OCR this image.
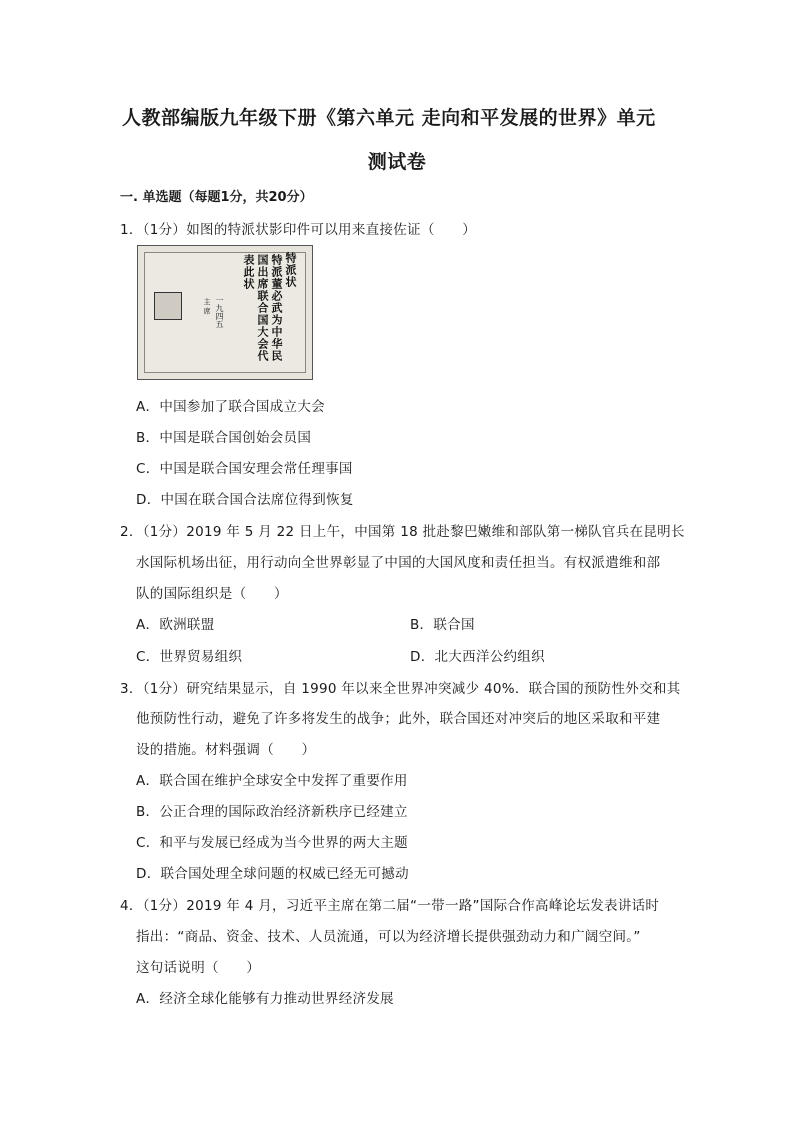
人教部编版九年级下册《第六单元 走向和平发展的世界》单元
测试卷
一. 单选题（每题1分，共20分）
1．（1分）如图的特派状影印件可以用来直接佐证（　　）
特派状
特派董必武为中华民
国出席联合国大会代
表此状
一九四五
主 席
A．中国参加了联合国成立大会
B．中国是联合国创始会员国
C．中国是联合国安理会常任理事国
D．中国在联合国合法席位得到恢复
2．（1分）2019 年 5 月 22 日上午，中国第 18 批赴黎巴嫩维和部队第一梯队官兵在昆明长
水国际机场出征，用行动向全世界彰显了中国的大国风度和责任担当。有权派遣维和部
队的国际组织是（　　）
A．欧洲联盟	B．联合国
C．世界贸易组织	D．北大西洋公约组织
3．（1分）研究结果显示，自 1990 年以来全世界冲突减少 40%．联合国的预防性外交和其
他预防性行动，避免了许多将发生的战争；此外，联合国还对冲突后的地区采取和平建
设的措施。材料强调（　　）
A．联合国在维护全球安全中发挥了重要作用
B．公正合理的国际政治经济新秩序已经建立
C．和平与发展已经成为当今世界的两大主题
D．联合国处理全球问题的权威已经无可撼动
4．（1分）2019 年 4 月，习近平主席在第二届“一带一路”国际合作高峰论坛发表讲话时
指出：“商品、资金、技术、人员流通，可以为经济增长提供强劲动力和广阔空间。”
这句话说明（　　）
A．经济全球化能够有力推动世界经济发展
